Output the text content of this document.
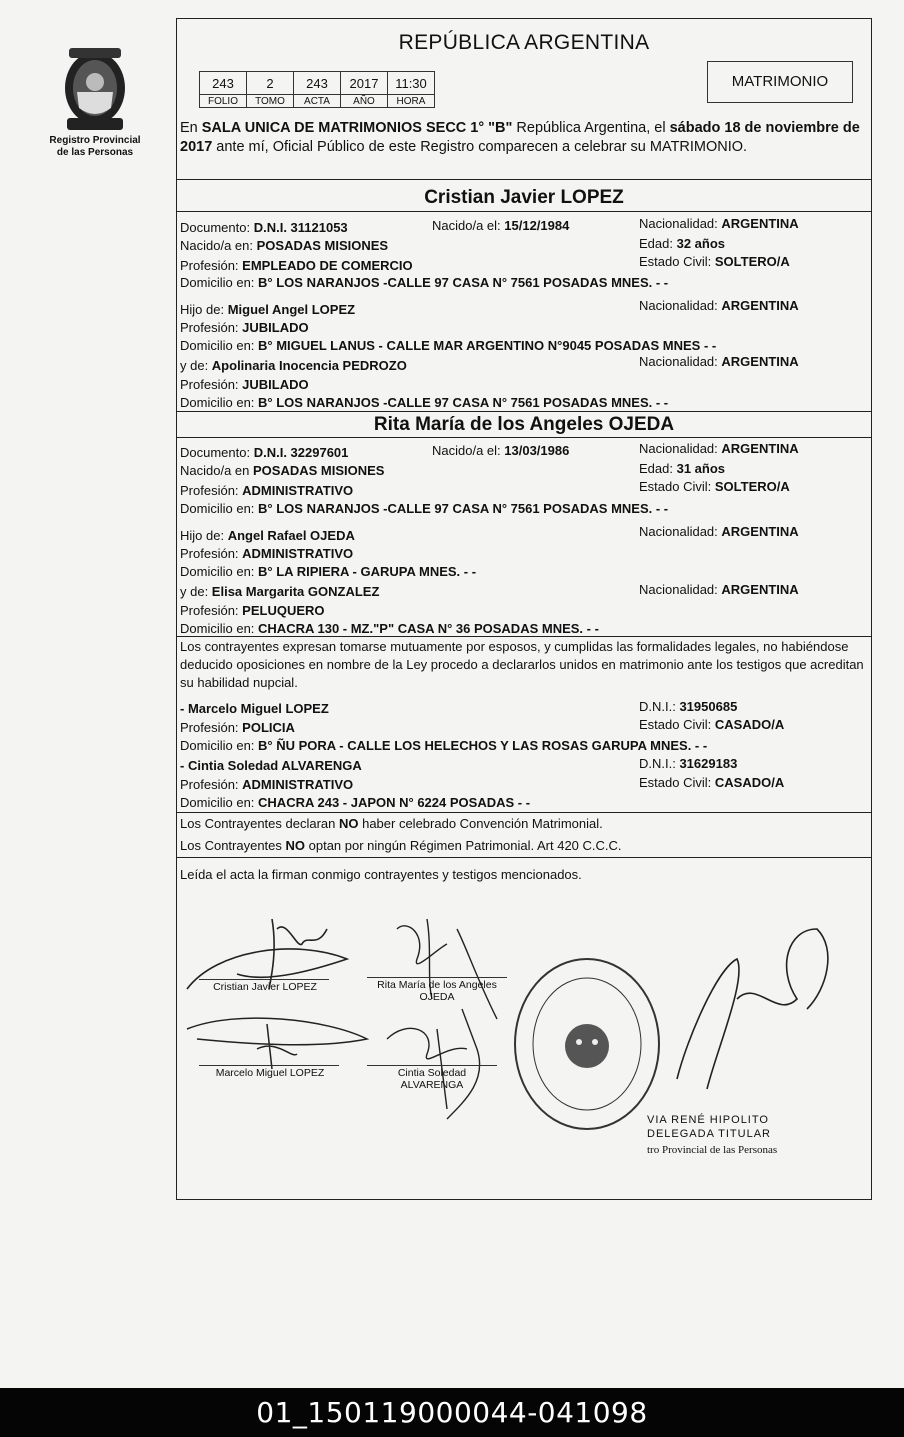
Registro Provincial
de las Personas
REPÚBLICA ARGENTINA
243	2	243	2017	11:30
FOLIO	TOMO	ACTA	AÑO	HORA
MATRIMONIO
En SALA UNICA DE MATRIMONIOS SECC 1° "B" República Argentina, el sábado 18 de noviembre de 2017 ante mí, Oficial Público de este Registro comparecen a celebrar su MATRIMONIO.
Cristian Javier LOPEZ
Documento: D.N.I. 31121053	Nacido/a el: 15/12/1984	Nacionalidad: ARGENTINA
Nacido/a en: POSADAS MISIONES	Edad: 32 años
Profesión: EMPLEADO DE COMERCIO	Estado Civil: SOLTERO/A
Domicilio en: B° LOS NARANJOS -CALLE 97 CASA N° 7561 POSADAS MNES. - -
Hijo de: Miguel Angel LOPEZ	Nacionalidad: ARGENTINA
Profesión: JUBILADO
Domicilio en: B° MIGUEL LANUS - CALLE MAR ARGENTINO N°9045 POSADAS MNES - -
y de: Apolinaria Inocencia PEDROZO	Nacionalidad: ARGENTINA
Profesión: JUBILADO
Domicilio en: B° LOS NARANJOS -CALLE 97 CASA N° 7561 POSADAS MNES. - -
Rita María de los Angeles OJEDA
Documento: D.N.I. 32297601	Nacido/a el: 13/03/1986	Nacionalidad: ARGENTINA
Nacido/a en POSADAS MISIONES	Edad: 31 años
Profesión: ADMINISTRATIVO	Estado Civil: SOLTERO/A
Domicilio en: B° LOS NARANJOS -CALLE 97 CASA N° 7561 POSADAS MNES. - -
Hijo de: Angel Rafael OJEDA	Nacionalidad: ARGENTINA
Profesión: ADMINISTRATIVO
Domicilio en: B° LA RIPIERA - GARUPA MNES. - -
y de: Elisa Margarita GONZALEZ	Nacionalidad: ARGENTINA
Profesión: PELUQUERO
Domicilio en: CHACRA 130 - MZ."P" CASA N° 36 POSADAS MNES. - -
Los contrayentes expresan tomarse mutuamente por esposos, y cumplidas las formalidades legales, no habiéndose deducido oposiciones en nombre de la Ley procedo a declararlos unidos en matrimonio ante los testigos que acreditan su habilidad nupcial.
- Marcelo Miguel LOPEZ	D.N.I.: 31950685
Profesión: POLICIA	Estado Civil: CASADO/A
Domicilio en: B° ÑU PORA - CALLE LOS HELECHOS Y LAS ROSAS GARUPA MNES. - -
- Cintia Soledad ALVARENGA	D.N.I.: 31629183
Profesión: ADMINISTRATIVO	Estado Civil: CASADO/A
Domicilio en: CHACRA 243 - JAPON N° 6224 POSADAS - -
Los Contrayentes declaran NO haber celebrado Convención Matrimonial.
Los Contrayentes NO optan por ningún Régimen Patrimonial. Art 420 C.C.C.
Leída el acta la firman conmigo contrayentes y testigos mencionados.
Cristian Javier LOPEZ	Rita María de los Angeles
OJEDA
Marcelo Miguel LOPEZ	Cintia Soledad
ALVARENGA
VIA RENÉ HIPOLITO
DELEGADA TITULAR
tro Provincial de las Personas
01_150119000044-041098
